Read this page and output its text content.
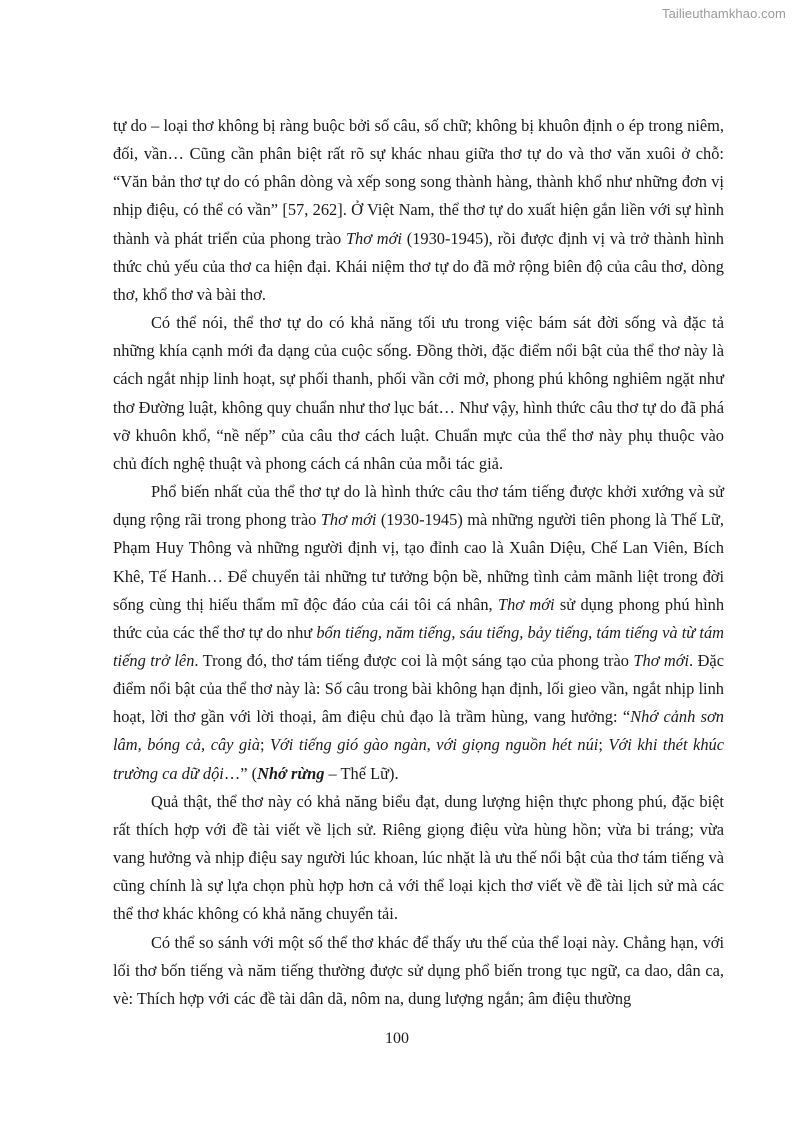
Tailieuthamkhao.com

tự do – loại thơ không bị ràng buộc bởi số câu, số chữ; không bị khuôn định o ép trong niêm, đối, vần… Cũng cần phân biệt rất rõ sự khác nhau giữa thơ tự do và thơ văn xuôi ở chỗ: “Văn bản thơ tự do có phân dòng và xếp song song thành hàng, thành khổ như những đơn vị nhịp điệu, có thể có vần” [57, 262]. Ở Việt Nam, thể thơ tự do xuất hiện gắn liền với sự hình thành và phát triển của phong trào Thơ mới (1930-1945), rồi được định vị và trở thành hình thức chủ yếu của thơ ca hiện đại. Khái niệm thơ tự do đã mở rộng biên độ của câu thơ, dòng thơ, khổ thơ và bài thơ.

Có thể nói, thể thơ tự do có khả năng tối ưu trong việc bám sát đời sống và đặc tả những khía cạnh mới đa dạng của cuộc sống. Đồng thời, đặc điểm nổi bật của thể thơ này là cách ngắt nhịp linh hoạt, sự phối thanh, phối vần cởi mở, phong phú không nghiêm ngặt như thơ Đường luật, không quy chuẩn như thơ lục bát… Như vậy, hình thức câu thơ tự do đã phá vỡ khuôn khổ, “nề nếp” của câu thơ cách luật. Chuẩn mực của thể thơ này phụ thuộc vào chủ đích nghệ thuật và phong cách cá nhân của mỗi tác giả.

Phổ biến nhất của thể thơ tự do là hình thức câu thơ tám tiếng được khởi xướng và sử dụng rộng rãi trong phong trào Thơ mới (1930-1945) mà những người tiên phong là Thế Lữ, Phạm Huy Thông và những người định vị, tạo đỉnh cao là Xuân Diệu, Chế Lan Viên, Bích Khê, Tế Hanh… Để chuyển tải những tư tưởng bộn bề, những tình cảm mãnh liệt trong đời sống cùng thị hiếu thẩm mĩ độc đáo của cái tôi cá nhân, Thơ mới sử dụng phong phú hình thức của các thể thơ tự do như bốn tiếng, năm tiếng, sáu tiếng, bảy tiếng, tám tiếng và từ tám tiếng trở lên. Trong đó, thơ tám tiếng được coi là một sáng tạo của phong trào Thơ mới. Đặc điểm nổi bật của thể thơ này là: Số câu trong bài không hạn định, lối gieo vần, ngắt nhịp linh hoạt, lời thơ gần với lời thoại, âm điệu chủ đạo là trầm hùng, vang hưởng: “Nhớ cảnh sơn lâm, bóng cả, cây già; Với tiếng gió gào ngàn, với giọng nguồn hét núi; Với khi thét khúc trường ca dữ dội…” (Nhớ rừng – Thế Lữ).

Quả thật, thể thơ này có khả năng biểu đạt, dung lượng hiện thực phong phú, đặc biệt rất thích hợp với đề tài viết về lịch sử. Riêng giọng điệu vừa hùng hồn; vừa bi tráng; vừa vang hưởng và nhịp điệu say người lúc khoan, lúc nhặt là ưu thế nổi bật của thơ tám tiếng và cũng chính là sự lựa chọn phù hợp hơn cả với thể loại kịch thơ viết về đề tài lịch sử mà các thể thơ khác không có khả năng chuyển tải.

Có thể so sánh với một số thể thơ khác để thấy ưu thế của thể loại này. Chẳng hạn, với lối thơ bốn tiếng và năm tiếng thường được sử dụng phổ biến trong tục ngữ, ca dao, dân ca, vè: Thích hợp với các đề tài dân dã, nôm na, dung lượng ngắn; âm điệu thường

100
